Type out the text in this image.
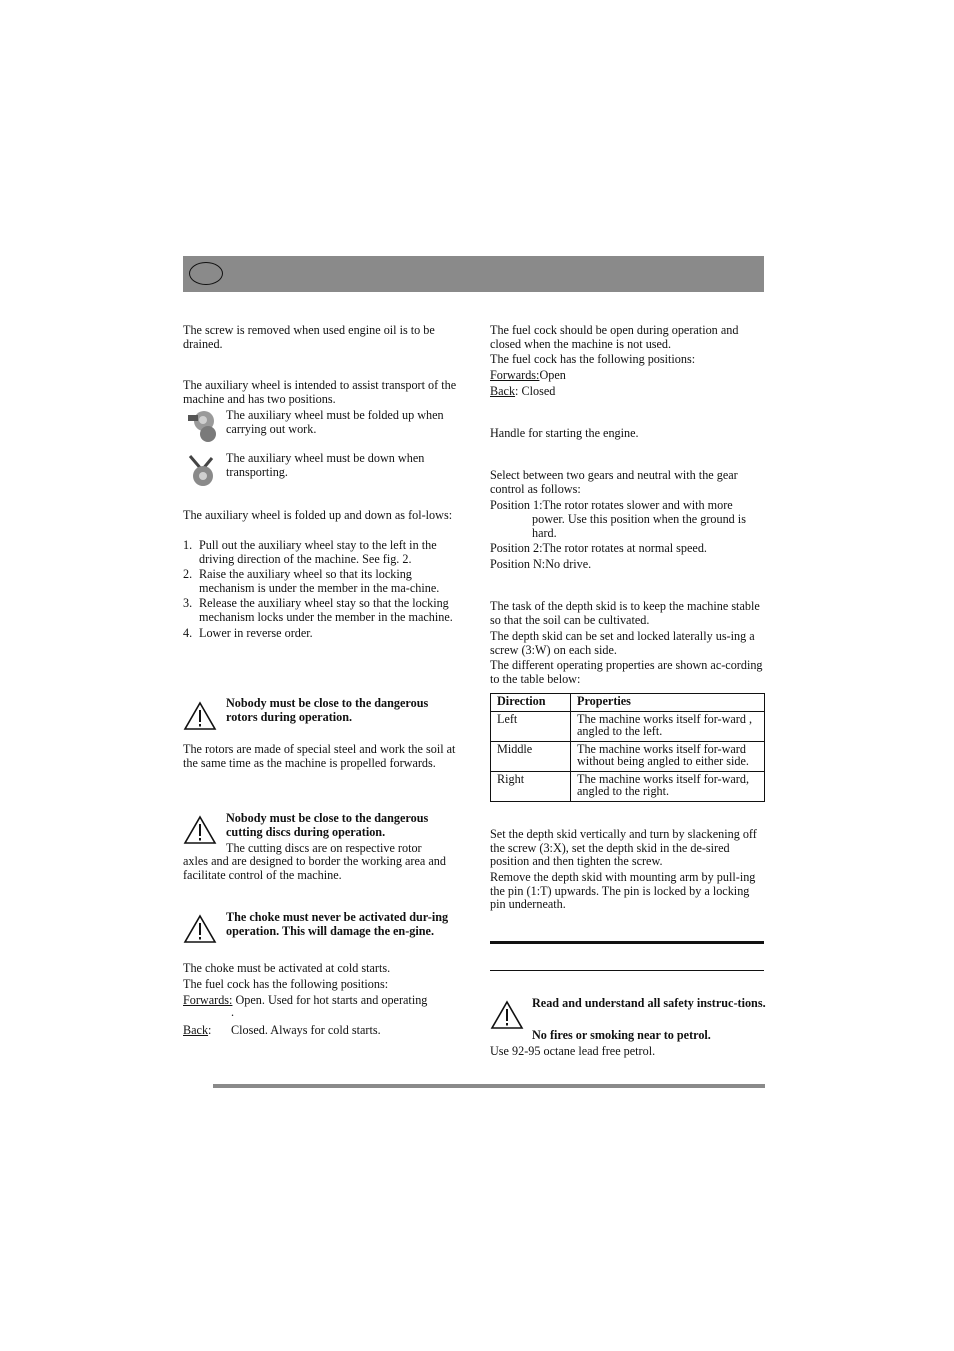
The screw is removed when used engine oil is to be drained.

The auxiliary wheel is intended to assist transport of the machine and has two positions.

The auxiliary wheel must be folded up when carrying out work.

The auxiliary wheel must be down when transporting.

The auxiliary wheel is folded up and down as fol-lows:

1. Pull out the auxiliary wheel stay to the left in the driving direction of the machine. See fig. 2.
2. Raise the auxiliary wheel so that its locking mechanism is under the member in the ma-chine.
3. Release the auxiliary wheel stay so that the locking mechanism locks under the member in the machine.
4. Lower in reverse order.

Nobody must be close to the dangerous rotors during operation.

The rotors are made of special steel and work the soil at the same time as the machine is propelled forwards.

Nobody must be close to the dangerous cutting discs during operation.

The cutting discs are on respective rotor

axles and are designed to border the working area and facilitate control of the machine.

The choke must never be activated dur-ing operation. This will damage the en-gine.

The choke must be activated at cold starts.

The fuel cock has the following positions:

Forwards: Open. Used for hot starts and operating

.

Back: Closed. Always for cold starts.

The fuel cock should be open during operation and closed when the machine is not used.

The fuel cock has the following positions:

Forwards:Open

Back: Closed

Handle for starting the engine.

Select between two gears and neutral with the gear control as follows:

Position 1:The rotor rotates slower and with more

power. Use this position when the ground is hard.

Position 2:The rotor rotates at normal speed.

Position N:No drive.

The task of the depth skid is to keep the machine stable so that the soil can be cultivated.

The depth skid can be set and locked laterally us-ing a screw (3:W) on each side.

The different operating properties are shown ac-cording to the table below:

Direction	Properties
Left	The machine works itself for-ward , angled to the left.
Middle	The machine works itself for-ward without being angled to either side.
Right	The machine works itself for-ward, angled to the right.

Set the depth skid vertically and turn by slackening off the screw (3:X), set the depth skid in the de-sired position and then tighten the screw.

Remove the depth skid with mounting arm by pull-ing the pin (1:T) upwards. The pin is locked by a locking pin underneath.

Read and understand all safety instruc-tions.

No fires or smoking near to petrol.

Use 92-95 octane lead free petrol.
